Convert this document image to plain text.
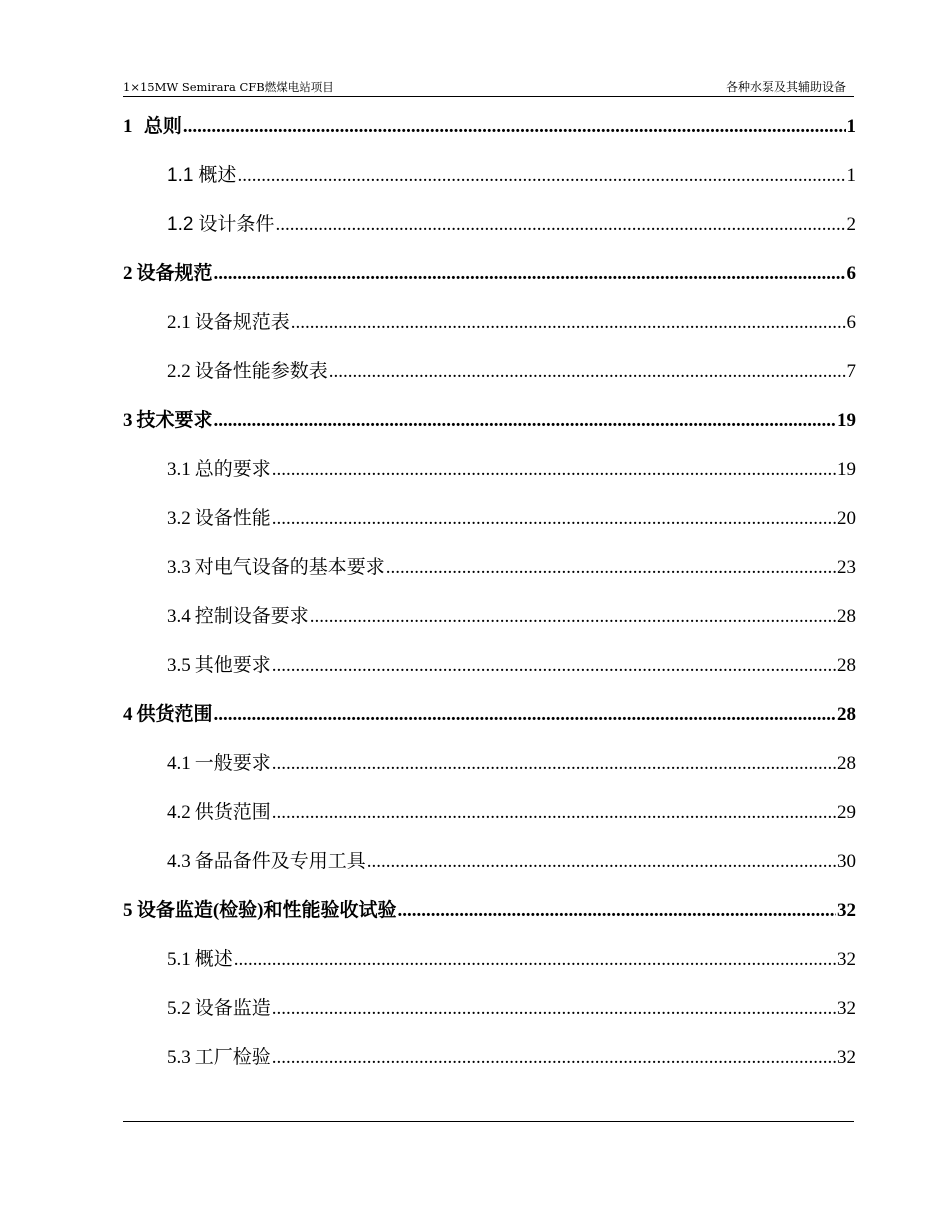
1×15MW Semirara CFB燃煤电站项目	各种水泵及其辅助设备
1 总则 .....	1
1.1 概述 .....	1
1.2 设计条件 .....	2
2 设备规范 .....	6
2.1 设备规范表 .....	6
2.2 设备性能参数表 .....	7
3 技术要求 .....	19
3.1 总的要求 .....	19
3.2 设备性能 .....	20
3.3 对电气设备的基本要求 .....	23
3.4 控制设备要求 .....	28
3.5 其他要求 .....	28
4 供货范围 .....	28
4.1 一般要求 .....	28
4.2 供货范围 .....	29
4.3 备品备件及专用工具 .....	30
5 设备监造(检验)和性能验收试验 .....	32
5.1 概述 .....	32
5.2 设备监造 .....	32
5.3 工厂检验 .....	32
